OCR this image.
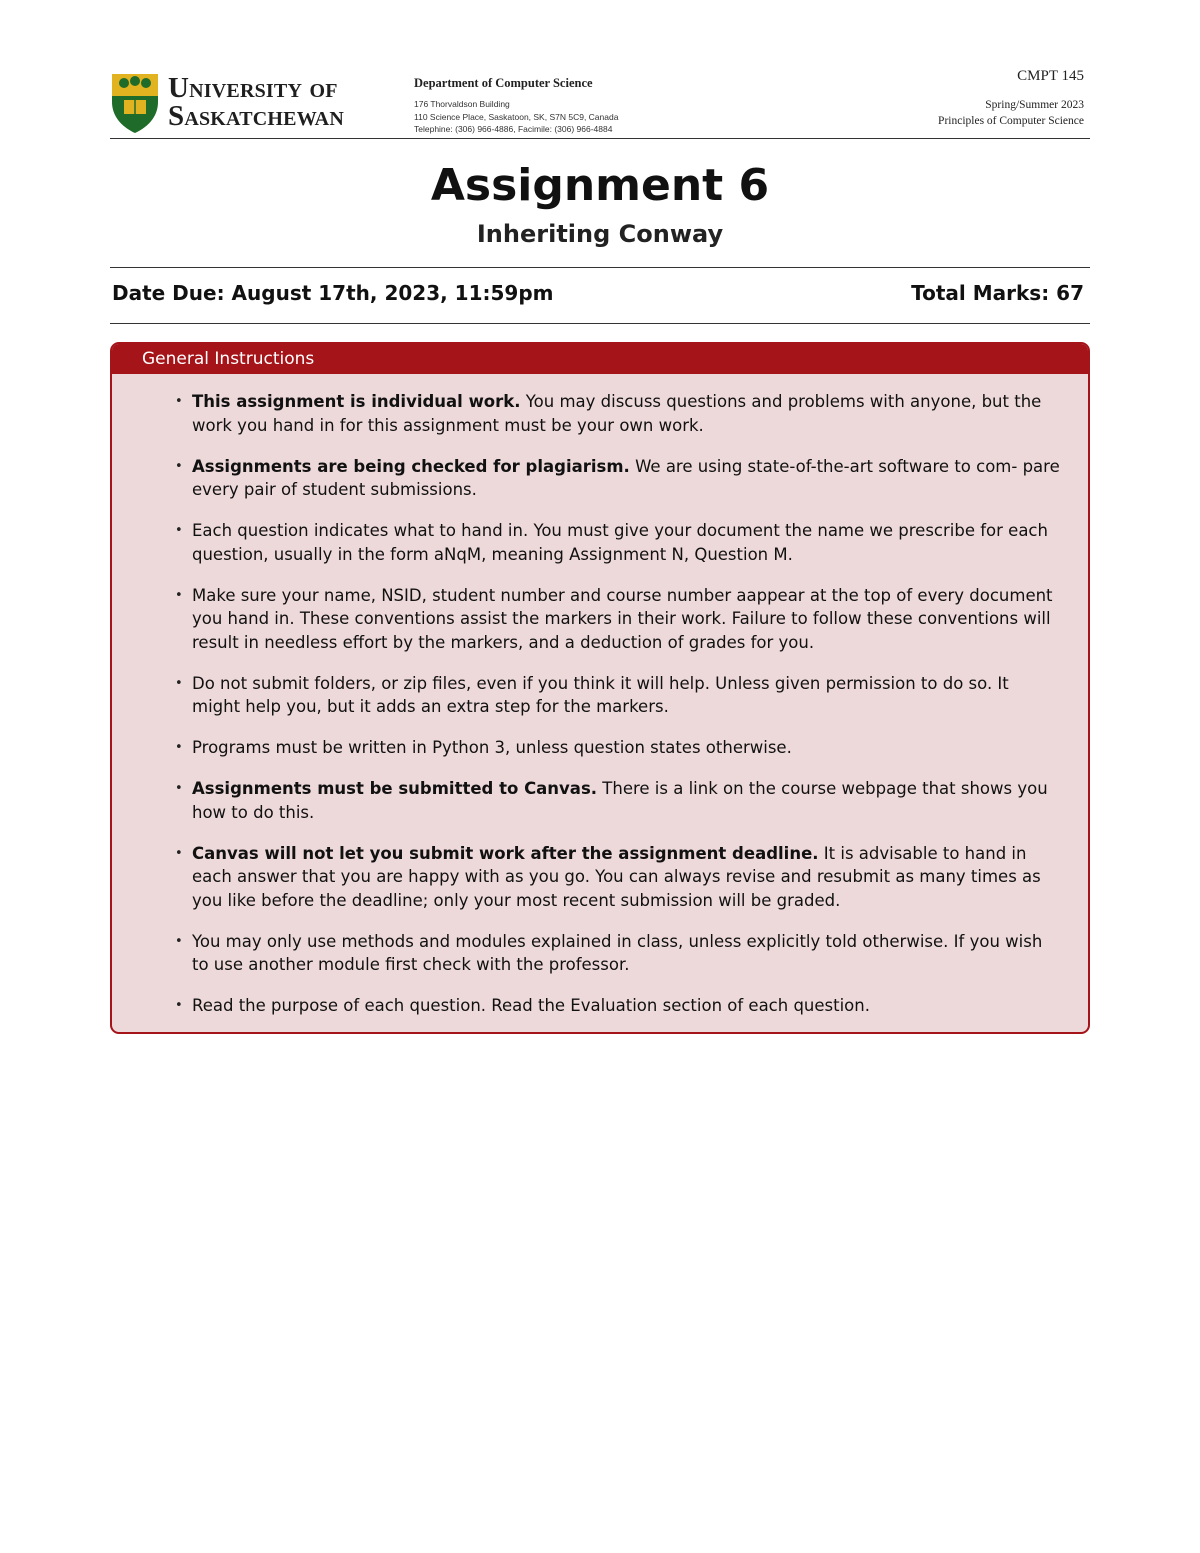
University of
Saskatchewan
Department of Computer Science
176 Thorvaldson Building
110 Science Place, Saskatoon, SK, S7N 5C9, Canada
Telephine: (306) 966-4886, Facimile: (306) 966-4884
CMPT 145
Spring/Summer 2023
Principles of Computer Science
Assignment 6
Inheriting Conway
Date Due: August 17th, 2023, 11:59pm	Total Marks: 67
General Instructions
• This assignment is individual work. You may discuss questions and problems with anyone, but the work you hand in for this assignment must be your own work.
• Assignments are being checked for plagiarism. We are using state-of-the-art software to com- pare every pair of student submissions.
• Each question indicates what to hand in. You must give your document the name we prescribe for each question, usually in the form aNqM, meaning Assignment N, Question M.
• Make sure your name, NSID, student number and course number aappear at the top of every document you hand in. These conventions assist the markers in their work. Failure to follow these conventions will result in needless effort by the markers, and a deduction of grades for you.
• Do not submit folders, or zip files, even if you think it will help. Unless given permission to do so. It might help you, but it adds an extra step for the markers.
• Programs must be written in Python 3, unless question states otherwise.
• Assignments must be submitted to Canvas. There is a link on the course webpage that shows you how to do this.
• Canvas will not let you submit work after the assignment deadline. It is advisable to hand in each answer that you are happy with as you go. You can always revise and resubmit as many times as you like before the deadline; only your most recent submission will be graded.
• You may only use methods and modules explained in class, unless explicitly told otherwise. If you wish to use another module first check with the professor.
• Read the purpose of each question. Read the Evaluation section of each question.
